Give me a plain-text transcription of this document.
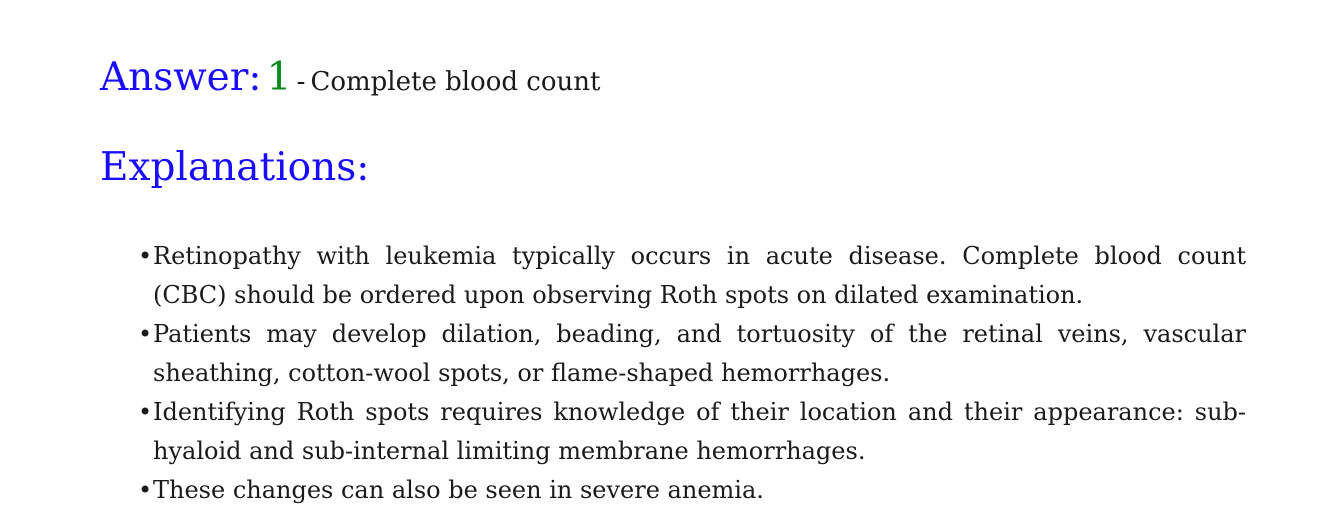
Answer: 1 - Complete blood count
Explanations:
• Retinopathy with leukemia typically occurs in acute disease. Complete blood count (CBC) should be ordered upon observing Roth spots on dilated examination.
• Patients may develop dilation, beading, and tortuosity of the retinal veins, vascular sheathing, cotton-wool spots, or flame-shaped hemorrhages.
• Identifying Roth spots requires knowledge of their location and their appearance: sub-hyaloid and sub-internal limiting membrane hemorrhages.
• These changes can also be seen in severe anemia.
